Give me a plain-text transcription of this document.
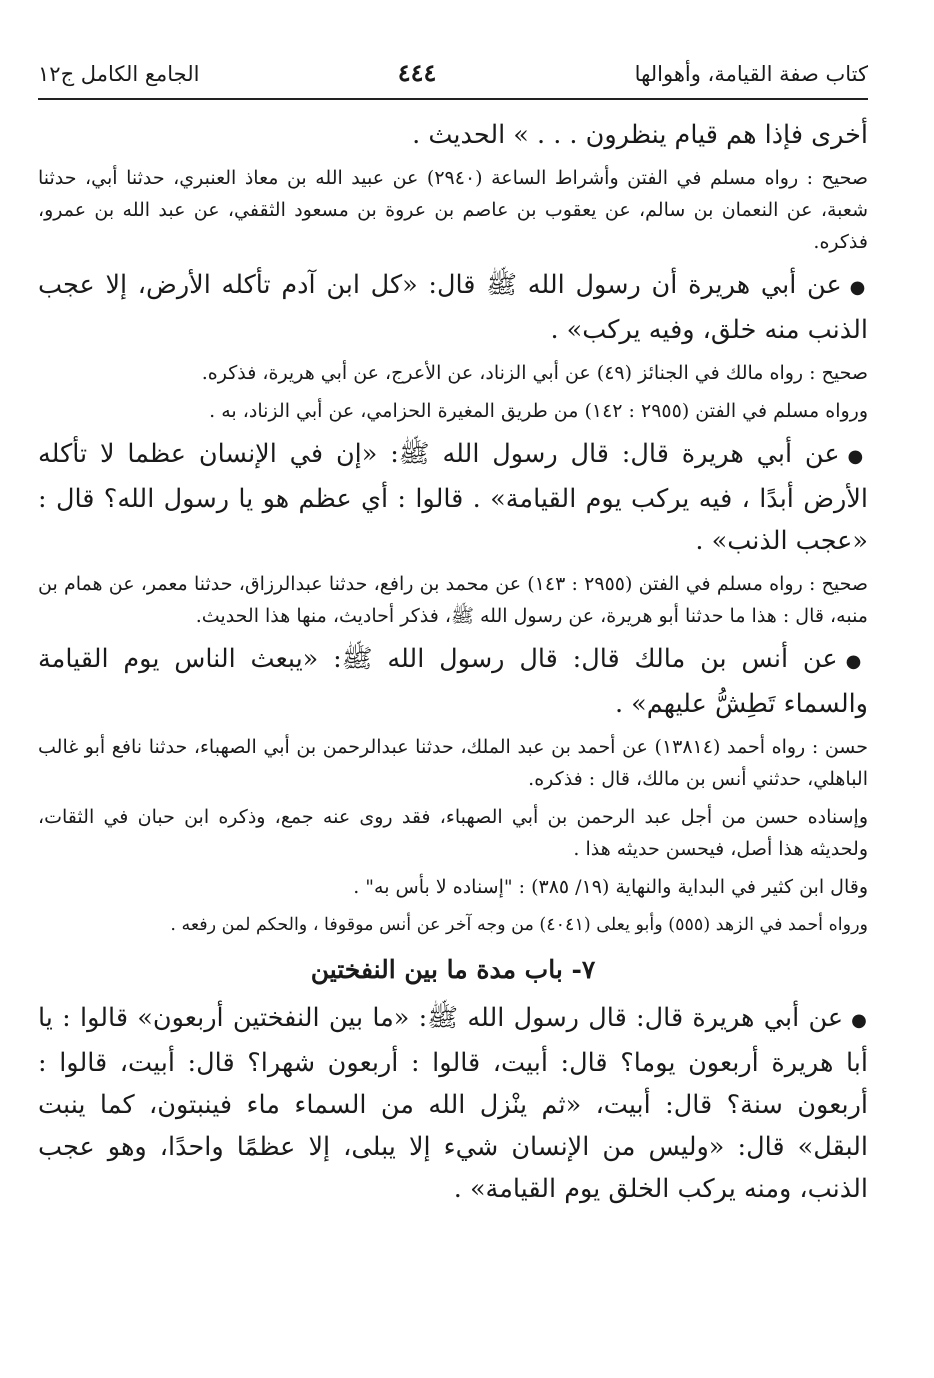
كتاب صفة القيامة، وأهوالها
٤٤٤
الجامع الكامل ج١٢

أخرى فإذا هم قيام ينظرون . . . » الحديث .

صحيح : رواه مسلم في الفتن وأشراط الساعة (٢٩٤٠) عن عبيد الله بن معاذ العنبري، حدثنا أبي، حدثنا شعبة، عن النعمان بن سالم، عن يعقوب بن عاصم بن عروة بن مسعود الثقفي، عن عبد الله بن عمرو، فذكره.

●عن أبي هريرة أن رسول الله ﷺ قال: «كل ابن آدم تأكله الأرض، إلا عجب الذنب منه خلق، وفيه يركب» .

صحيح : رواه مالك في الجنائز (٤٩) عن أبي الزناد، عن الأعرج، عن أبي هريرة، فذكره.

ورواه مسلم في الفتن (٢٩٥٥ : ١٤٢) من طريق المغيرة الحزامي، عن أبي الزناد، به .

●عن أبي هريرة قال: قال رسول الله ﷺ: «إن في الإنسان عظما لا تأكله الأرض أبدًا ، فيه يركب يوم القيامة» . قالوا : أي عظم هو يا رسول الله؟ قال : «عجب الذنب» .

صحيح : رواه مسلم في الفتن (٢٩٥٥ : ١٤٣) عن محمد بن رافع، حدثنا عبدالرزاق، حدثنا معمر، عن همام بن منبه، قال : هذا ما حدثنا أبو هريرة، عن رسول الله ﷺ، فذكر أحاديث، منها هذا الحديث.

●عن أنس بن مالك قال: قال رسول الله ﷺ: «يبعث الناس يوم القيامة والسماء تَطِشُّ عليهم» .

حسن : رواه أحمد (١٣٨١٤) عن أحمد بن عبد الملك، حدثنا عبدالرحمن بن أبي الصهباء، حدثنا نافع أبو غالب الباهلي، حدثني أنس بن مالك، قال : فذكره.

وإسناده حسن من أجل عبد الرحمن بن أبي الصهباء، فقد روى عنه جمع، وذكره ابن حبان في الثقات، ولحديثه هذا أصل، فيحسن حديثه هذا .

وقال ابن كثير في البداية والنهاية (١٩/ ٣٨٥) : "إسناده لا بأس به" .

ورواه أحمد في الزهد (٥٥٥) وأبو يعلى (٤٠٤١) من وجه آخر عن أنس موقوفا ، والحكم لمن رفعه .

٧- باب مدة ما بين النفختين

●عن أبي هريرة قال: قال رسول الله ﷺ: «ما بين النفختين أربعون» قالوا : يا أبا هريرة أربعون يوما؟ قال: أبيت، قالوا : أربعون شهرا؟ قال: أبيت، قالوا : أربعون سنة؟ قال: أبيت، «ثم ينْزل الله من السماء ماء فينبتون، كما ينبت البقل» قال: «وليس من الإنسان شيء إلا يبلى، إلا عظمًا واحدًا، وهو عجب الذنب، ومنه يركب الخلق يوم القيامة» .
